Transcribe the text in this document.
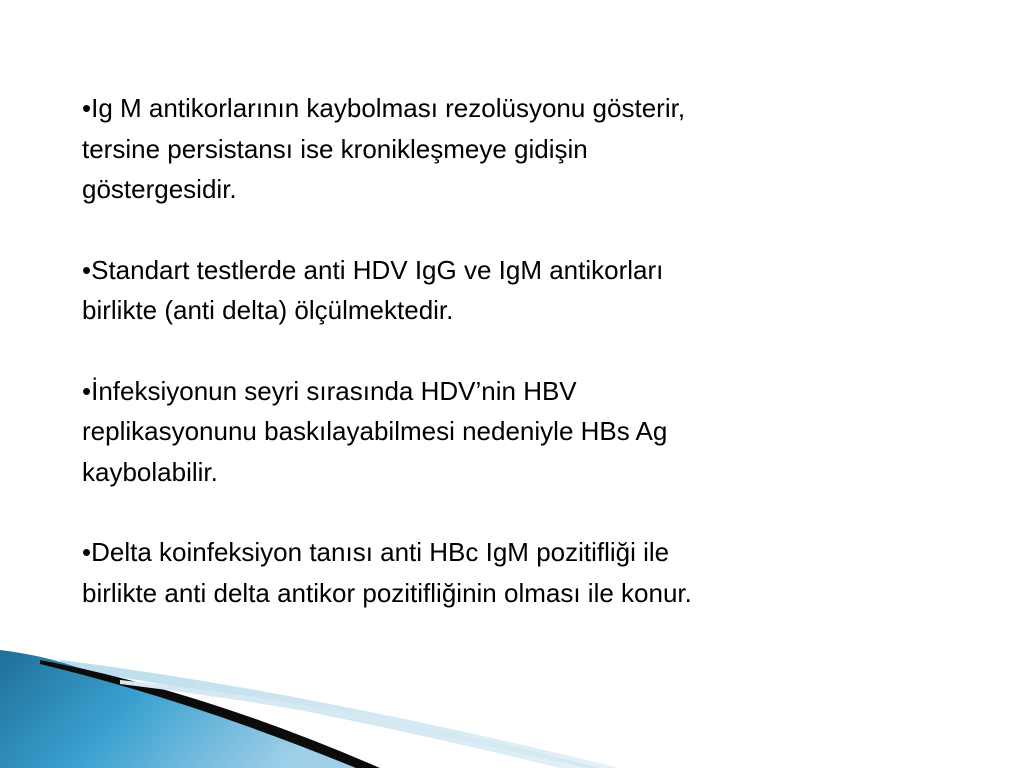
•Ig M antikorlarının kaybolması rezolüsyonu gösterir,
tersine persistansı ise kronikleşmeye gidişin
göstergesidir.
•Standart testlerde anti HDV IgG ve IgM antikorları
birlikte (anti delta) ölçülmektedir.
•İnfeksiyonun seyri sırasında HDV’nin HBV
replikasyonunu baskılayabilmesi nedeniyle HBs Ag
kaybolabilir.
•Delta koinfeksiyon tanısı anti HBc IgM pozitifliği ile
birlikte anti delta antikor pozitifliğinin olması ile konur.
